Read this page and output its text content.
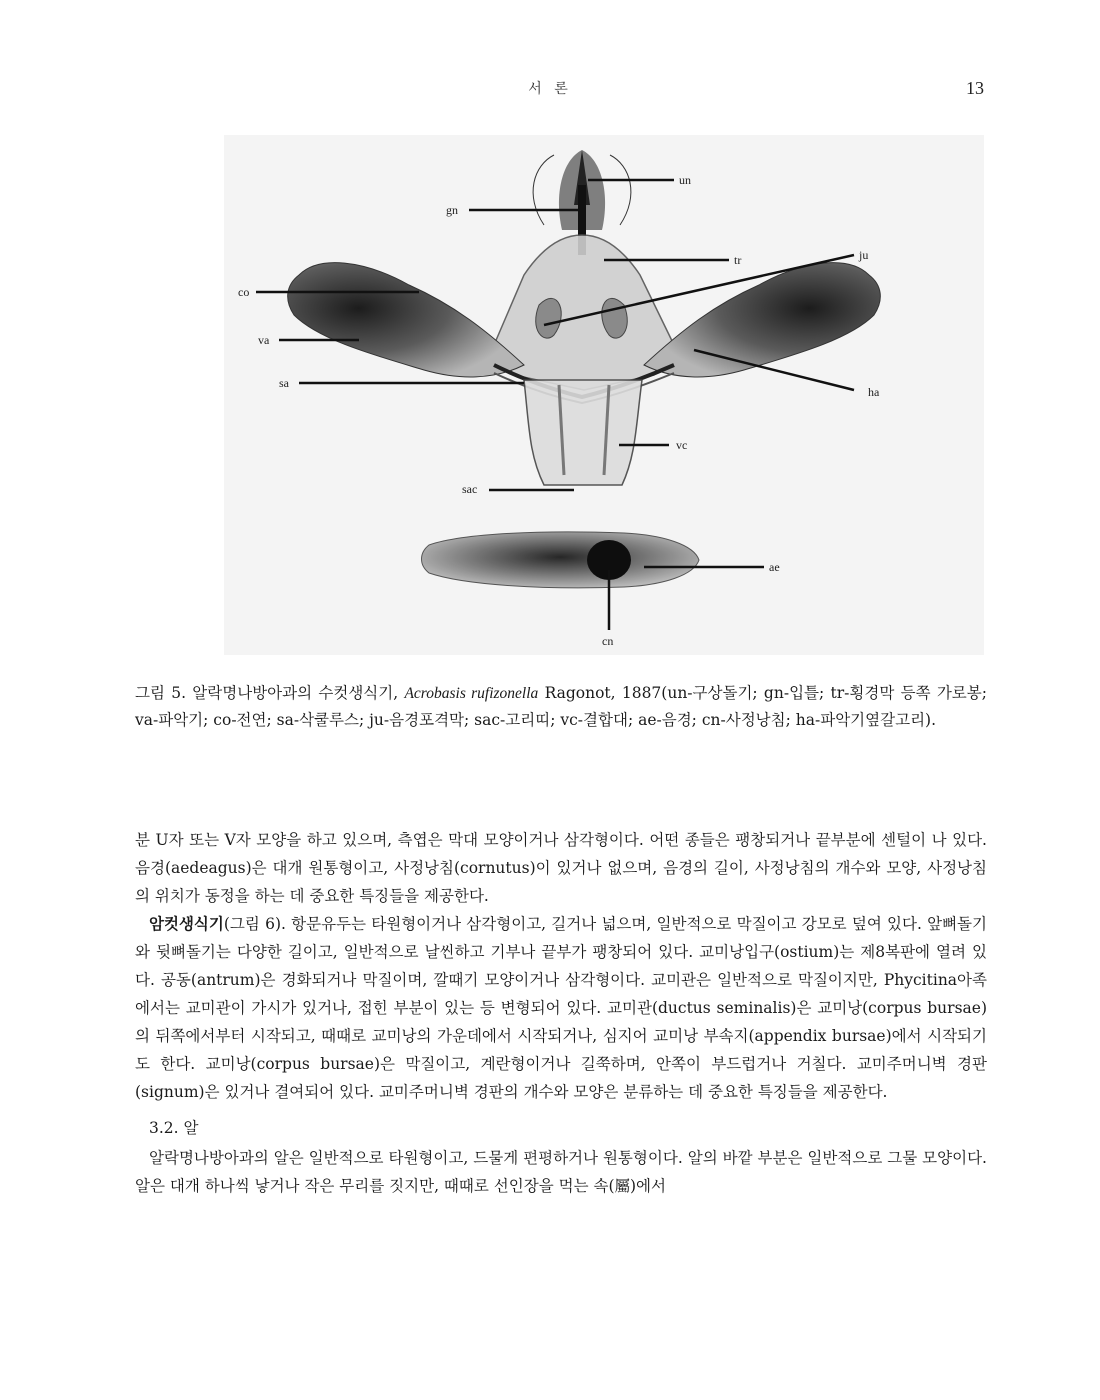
서 론	13
un
gn
tr	ju
co
va
sa
ha
vc
sac
ae
cn
그림 5. 알락명나방아과의 수컷생식기, Acrobasis rufizonella Ragonot, 1887(un-구상돌기; gn-입틀; tr-횡경막 등쪽 가로봉; va-파악기; co-전연; sa-삭쿨루스; ju-음경포격막; sac-고리띠; vc-결합대; ae-음경; cn-사정낭침; ha-파악기옆갈고리).

분 U자 또는 V자 모양을 하고 있으며, 측엽은 막대 모양이거나 삼각형이다. 어떤 종들은 팽창되거나 끝부분에 센털이 나 있다. 음경(aedeagus)은 대개 원통형이고, 사정낭침(cornutus)이 있거나 없으며, 음경의 길이, 사정낭침의 개수와 모양, 사정낭침의 위치가 동정을 하는 데 중요한 특징들을 제공한다.

암컷생식기(그림 6). 항문유두는 타원형이거나 삼각형이고, 길거나 넓으며, 일반적으로 막질이고 강모로 덮여 있다. 앞뼈돌기와 뒷뼈돌기는 다양한 길이고, 일반적으로 날씬하고 기부나 끝부가 팽창되어 있다. 교미낭입구(ostium)는 제8복판에 열려 있다. 공동(antrum)은 경화되거나 막질이며, 깔때기 모양이거나 삼각형이다. 교미관은 일반적으로 막질이지만, Phycitina아족에서는 교미관이 가시가 있거나, 접힌 부분이 있는 등 변형되어 있다. 교미관(ductus seminalis)은 교미낭(corpus bursae)의 뒤쪽에서부터 시작되고, 때때로 교미낭의 가운데에서 시작되거나, 심지어 교미낭 부속지(appendix bursae)에서 시작되기도 한다. 교미낭(corpus bursae)은 막질이고, 계란형이거나 길쭉하며, 안쪽이 부드럽거나 거칠다. 교미주머니벽 경판(signum)은 있거나 결여되어 있다. 교미주머니벽 경판의 개수와 모양은 분류하는 데 중요한 특징들을 제공한다.

3.2. 알

알락명나방아과의 알은 일반적으로 타원형이고, 드물게 편평하거나 원통형이다. 알의 바깥 부분은 일반적으로 그물 모양이다. 알은 대개 하나씩 낳거나 작은 무리를 짓지만, 때때로 선인장을 먹는 속(屬)에서
